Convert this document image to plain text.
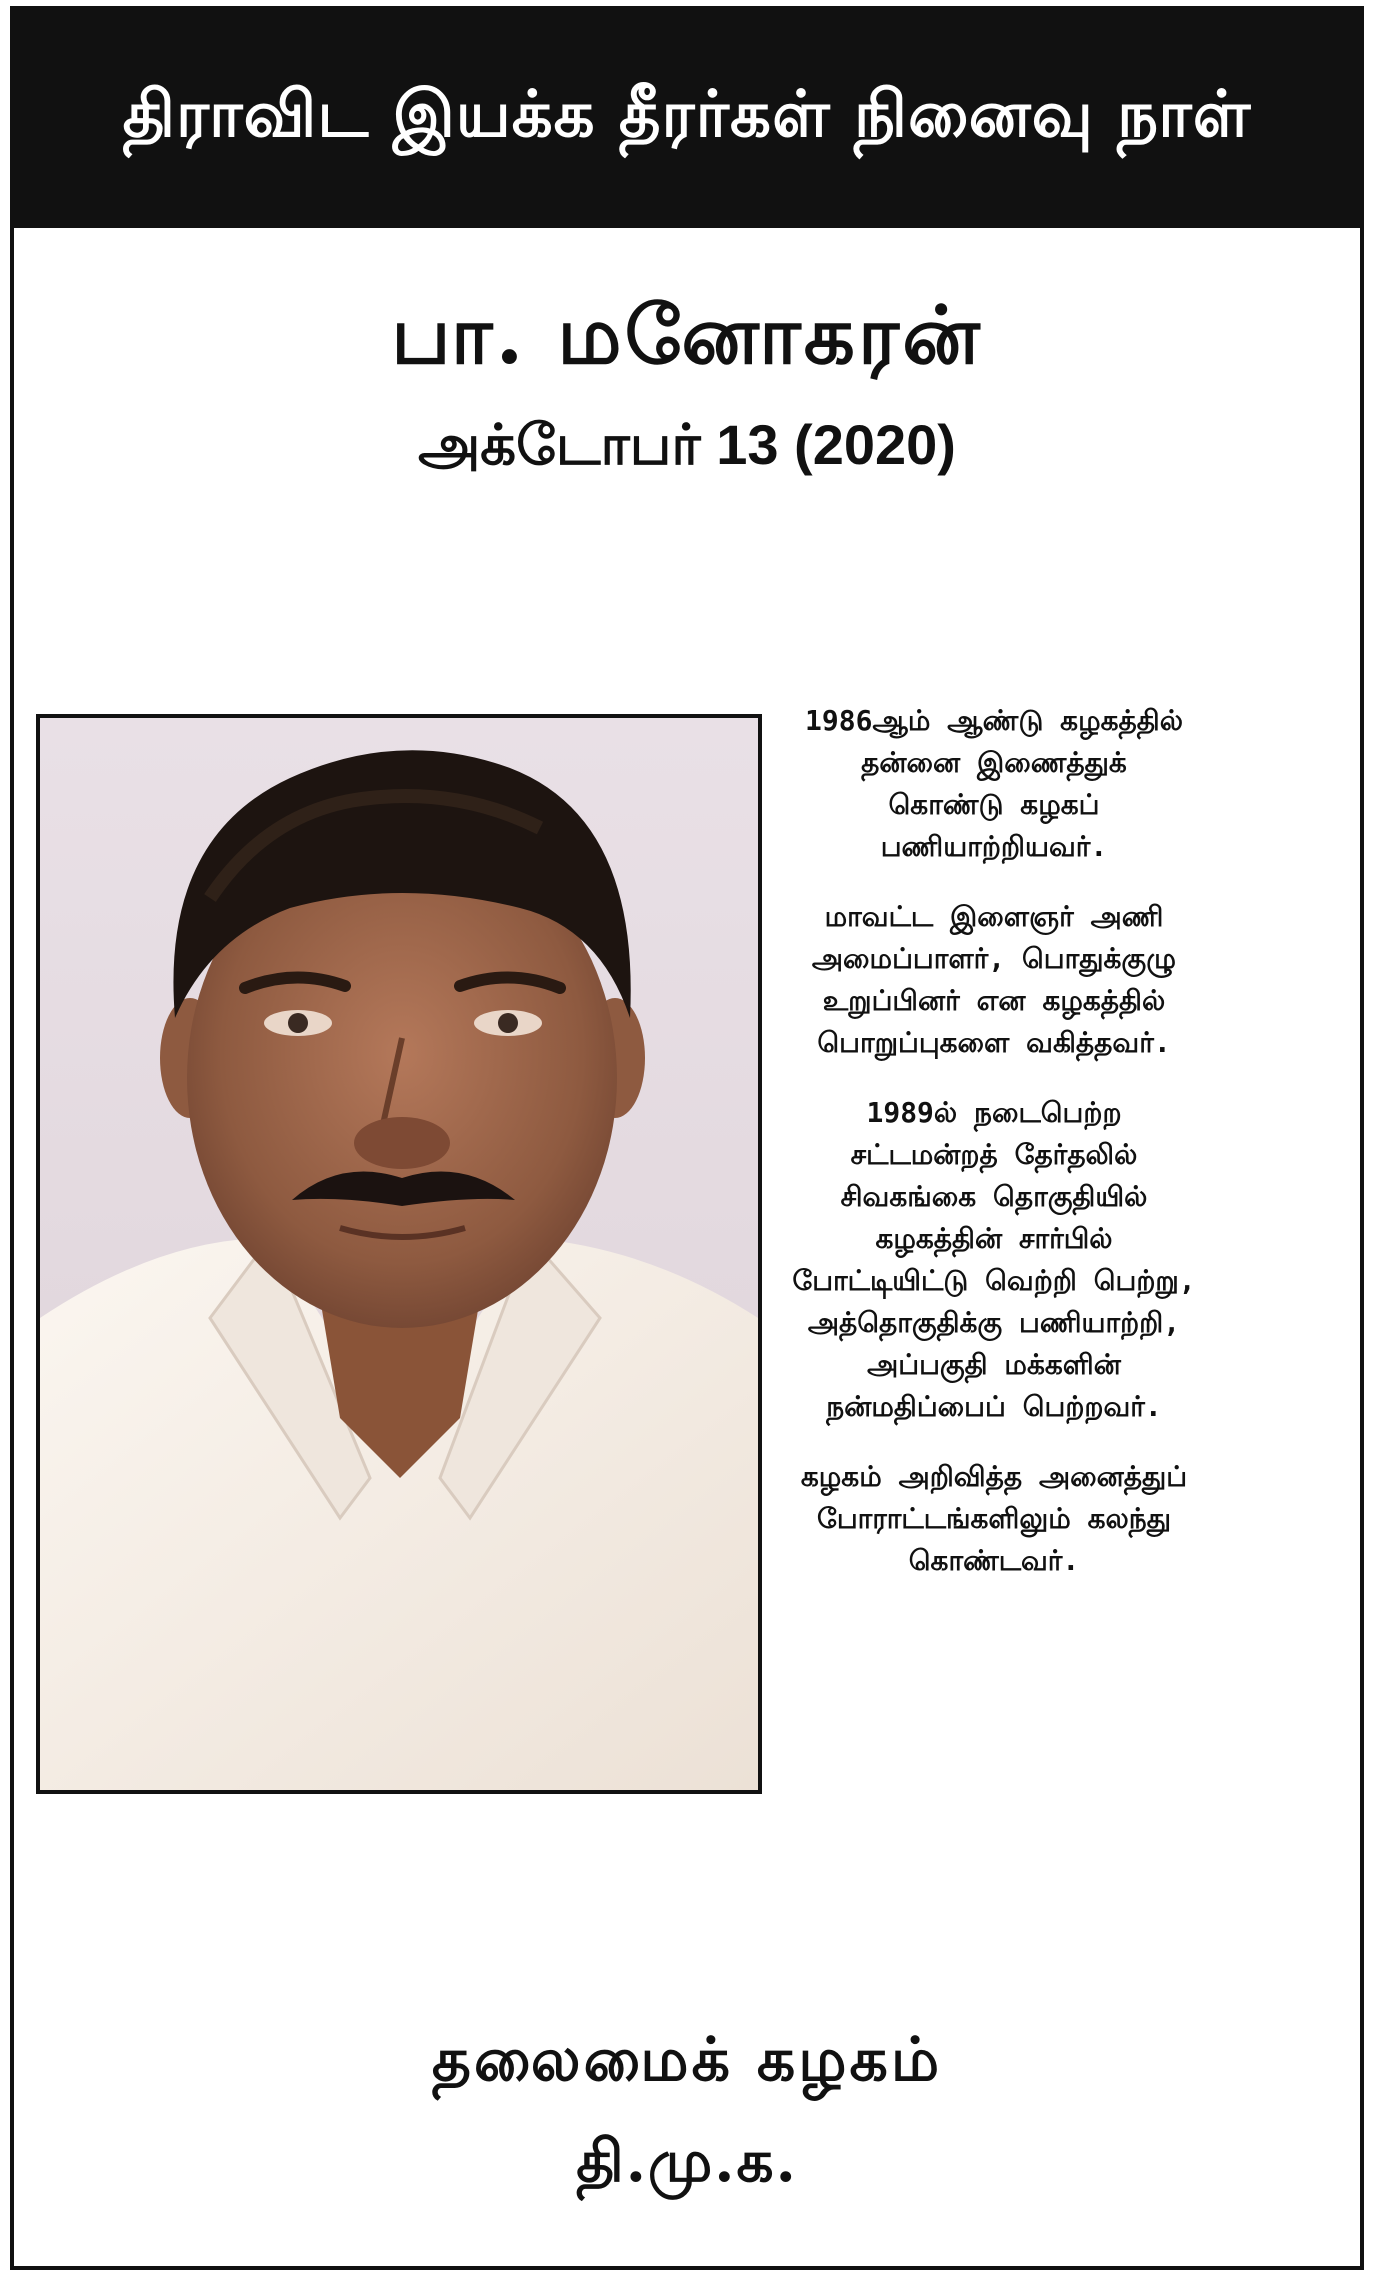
திராவிட இயக்க தீரர்கள் நினைவு நாள்
பா. மனோகரன்
அக்டோபர் 13 (2020)

1986ஆம் ஆண்டு கழகத்தில்
தன்னை இணைத்துக்
கொண்டு கழகப்
பணியாற்றியவர்.

மாவட்ட இளைஞர் அணி
அமைப்பாளர், பொதுக்குழு
உறுப்பினர் என கழகத்தில்
பொறுப்புகளை வகித்தவர்.

1989ல் நடைபெற்ற
சட்டமன்றத் தேர்தலில்
சிவகங்கை தொகுதியில்
கழகத்தின் சார்பில்
போட்டியிட்டு வெற்றி பெற்று,
அத்தொகுதிக்கு பணியாற்றி,
அப்பகுதி மக்களின்
நன்மதிப்பைப் பெற்றவர்.

கழகம் அறிவித்த அனைத்துப்
போராட்டங்களிலும் கலந்து
கொண்டவர்.

தலைமைக் கழகம்
தி.மு.க.
